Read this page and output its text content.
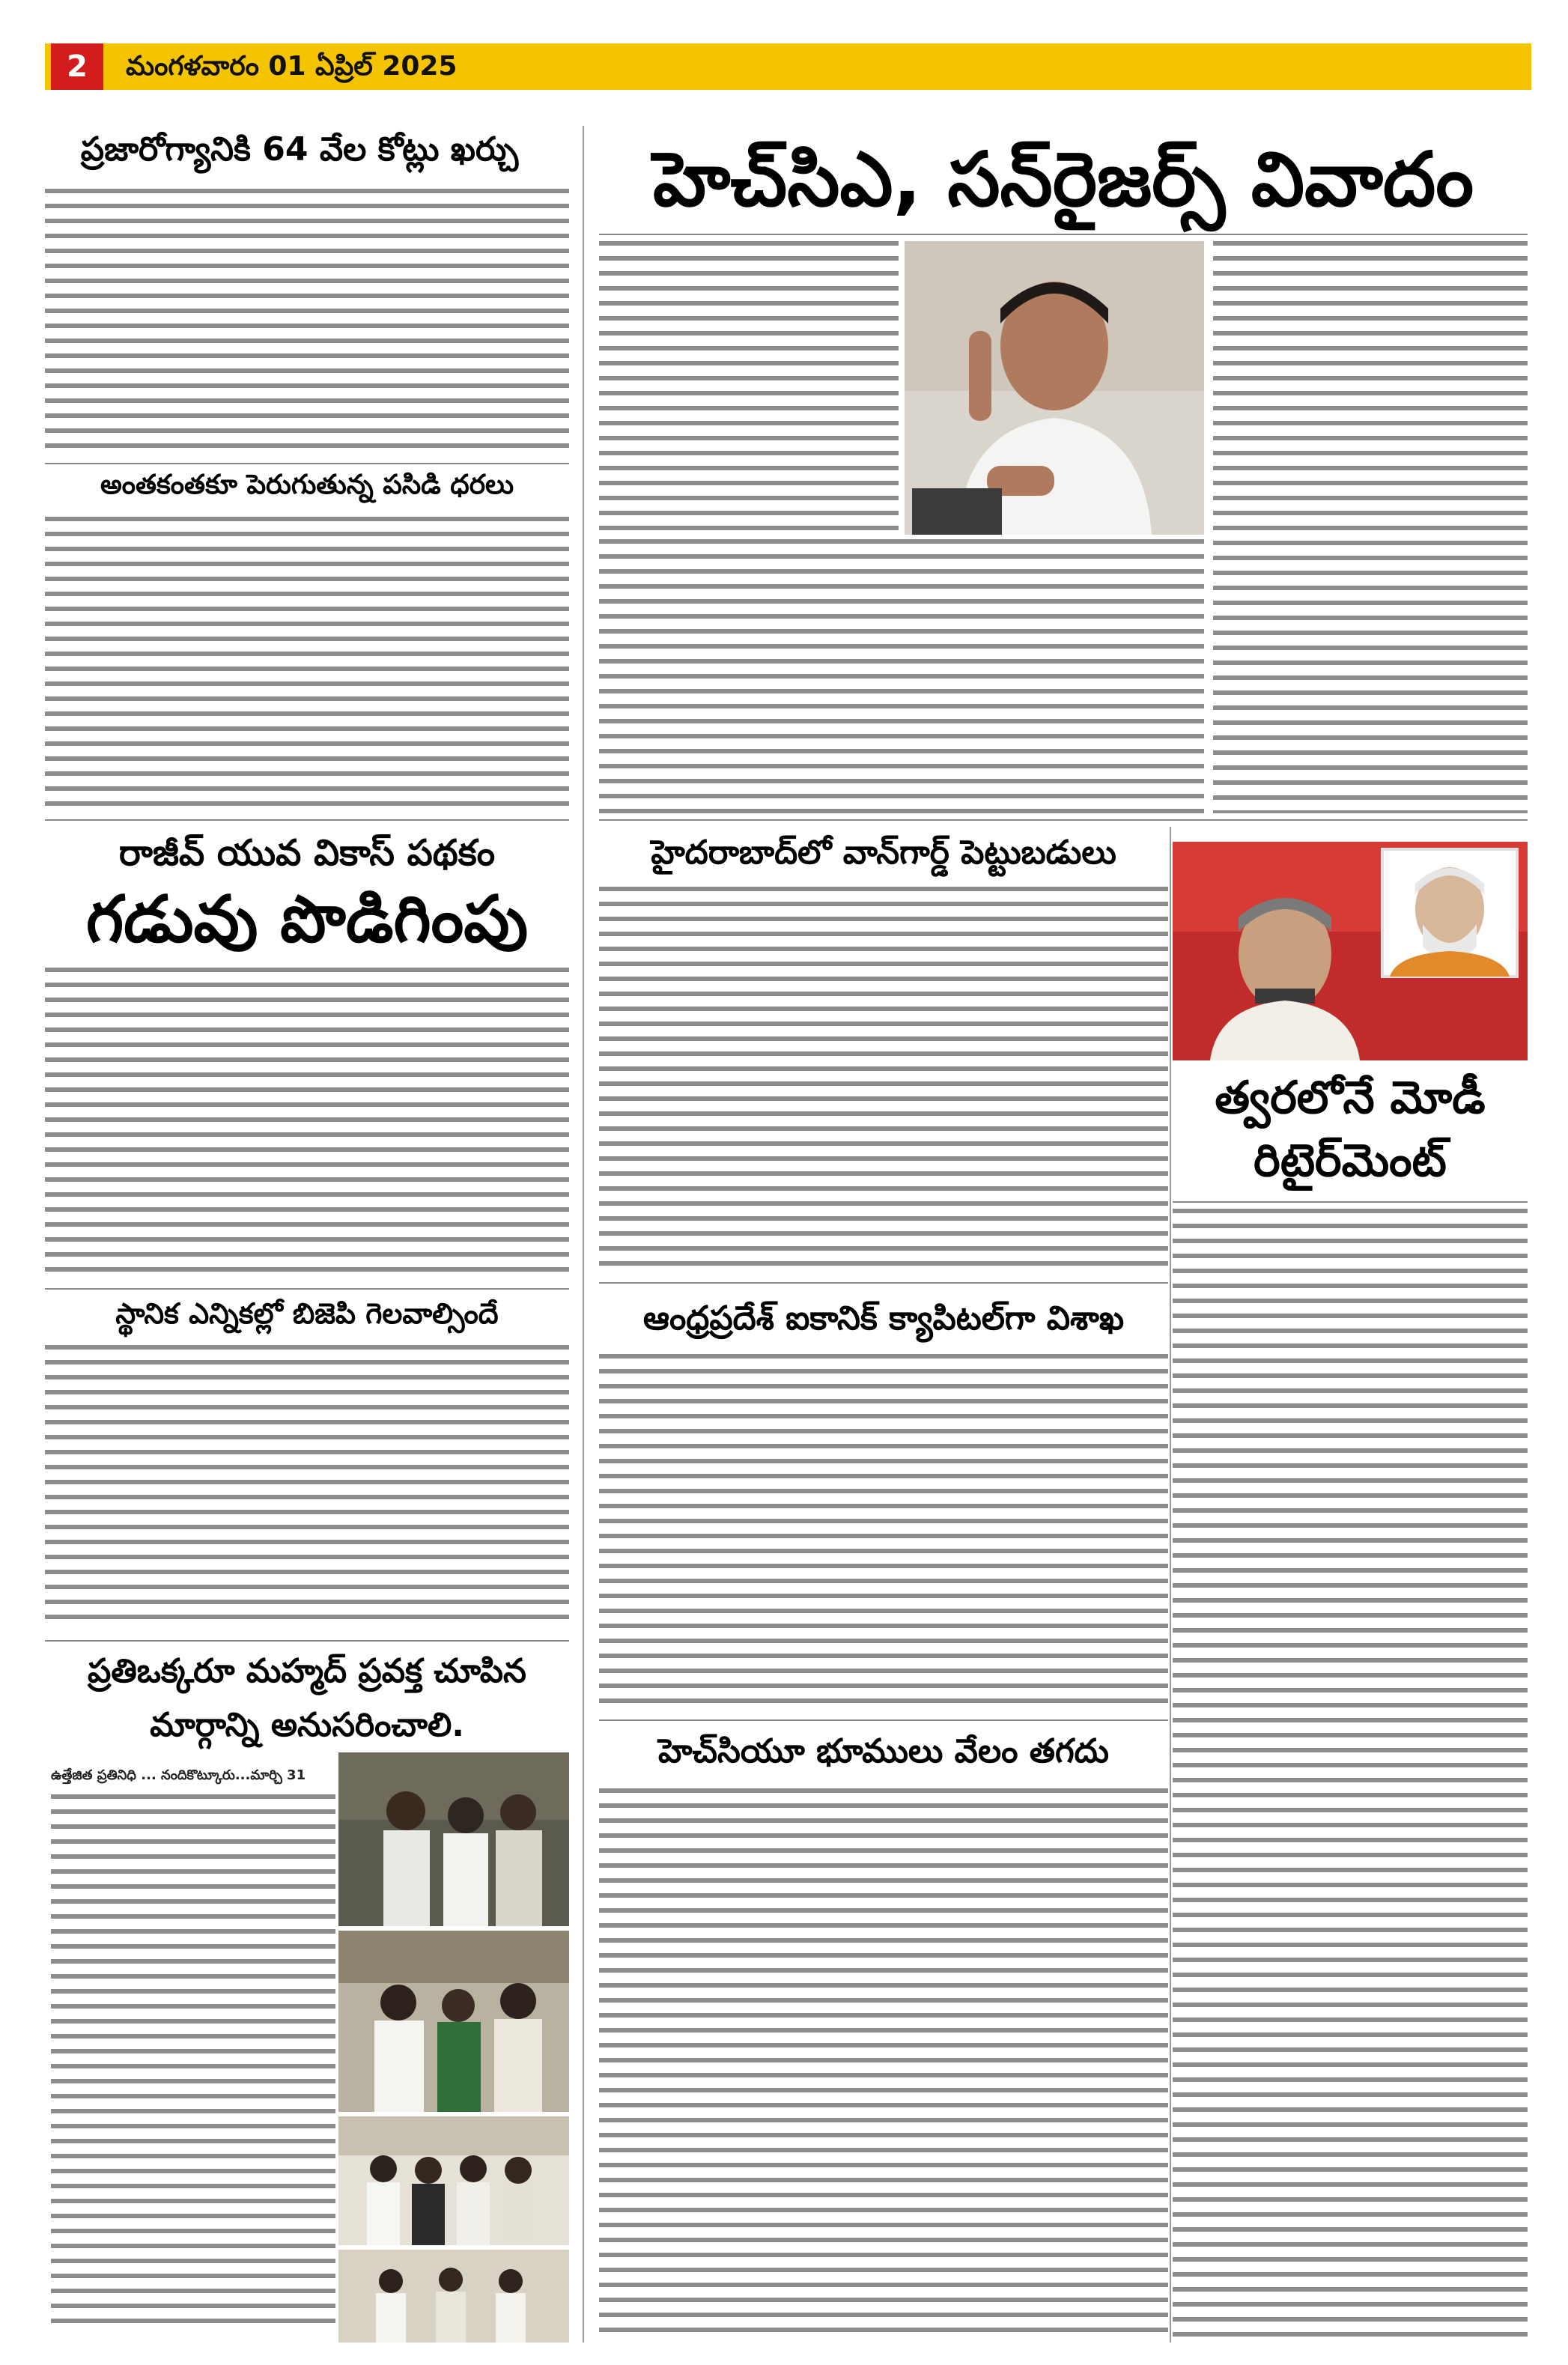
2	మంగళవారం 01 ఏప్రిల్ 2025
ప్రజారోగ్యానికి 64 వేల కోట్లు ఖర్చు
అంతకంతకూ పెరుగుతున్న పసిడి ధరలు
రాజీవ్ యువ వికాస్ పథకం
గడువు పొడిగింపు
స్థానిక ఎన్నికల్లో బిజెపి గెలవాల్సిందే
ప్రతిఒక్కరూ మహ్మద్ ప్రవక్త చూపిన
మార్గాన్ని అనుసరించాలి.
ఉత్తేజిత ప్రతినిధి ... నందికొట్కూరు...మార్చి 31
హెచ్‌సిఎ, సన్‌రైజర్స్ వివాదం
హైదరాబాద్‌లో వాన్‌గార్డ్ పెట్టుబడులు
త్వరలోనే మోడీ
రిటైర్‌మెంట్
ఆంధ్రప్రదేశ్ ఐకానిక్ క్యాపిటల్‌గా విశాఖ
హెచ్‌సియూ భూములు వేలం తగదు
